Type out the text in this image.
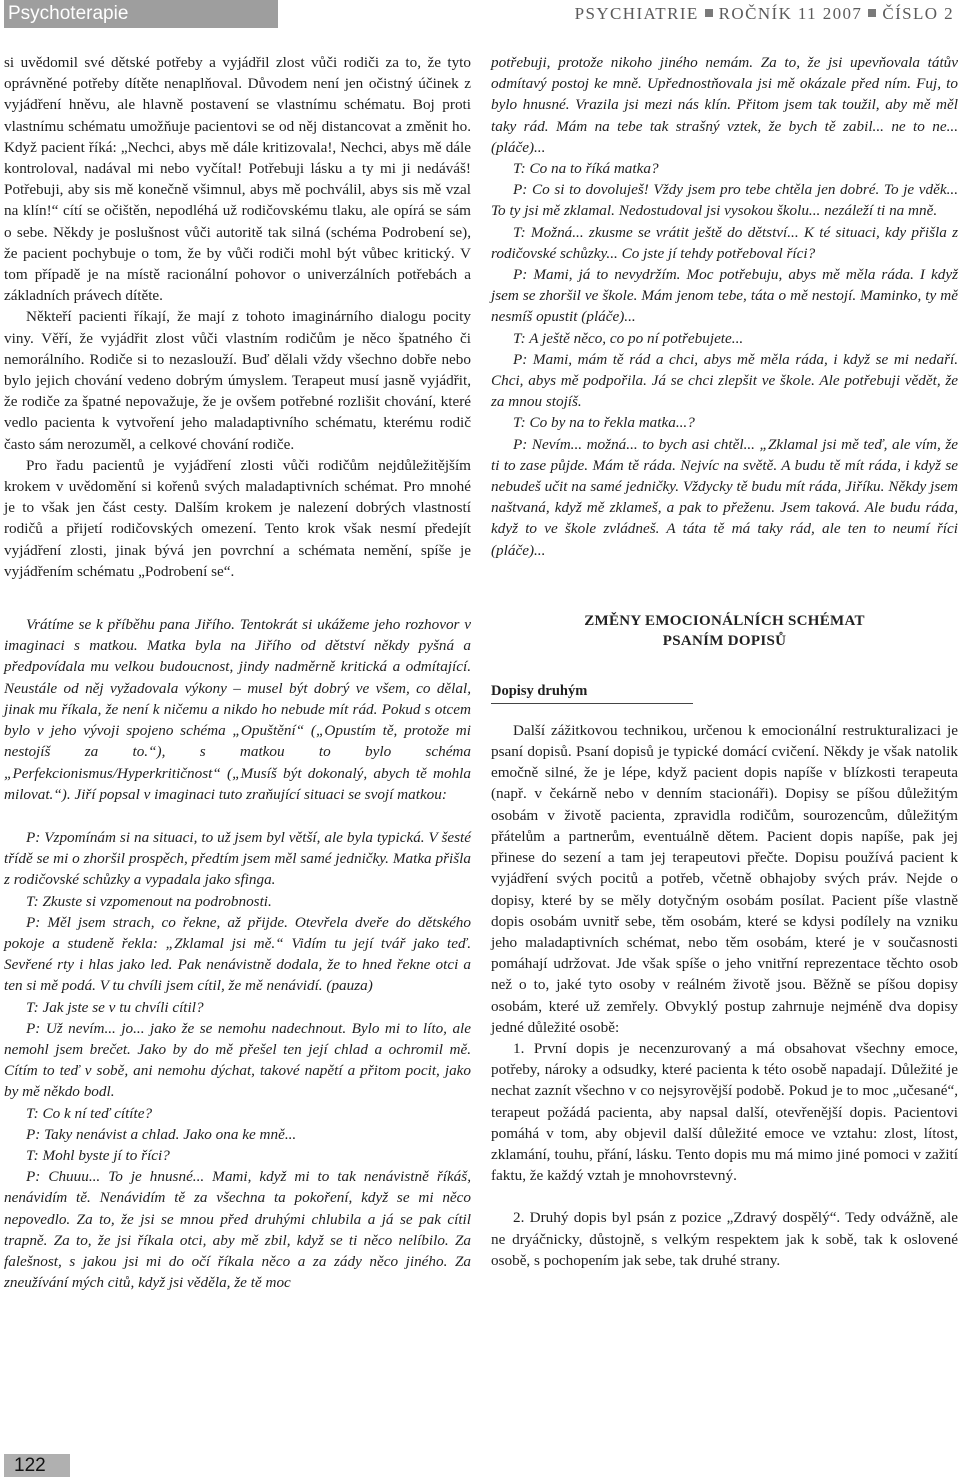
Psychoterapie	PSYCHIATRIE ROČNÍK 11 2007 ČÍSLO 2

si uvědomil své dětské potřeby a vyjádřil zlost vůči rodiči za to, že tyto oprávněné potřeby dítěte nenaplňoval. Důvodem není jen očistný účinek z vyjádření hněvu, ale hlavně postavení se vlastnímu schématu. Boj proti vlastnímu schématu umožňuje pacientovi se od něj distancovat a změnit ho. Když pacient říká: „Nechci, abys mě dále kritizovala!, Nechci, abys mě dále kontroloval, nadával mi nebo vyčítal! Potřebuji lásku a ty mi ji nedáváš! Potřebuji, aby sis mě konečně všimnul, abys mě pochválil, abys sis mě vzal na klín!“ cítí se očištěn, nepodléhá už rodičovskému tlaku, ale opírá se sám o sebe. Někdy je poslušnost vůči autoritě tak silná (schéma Podrobení se), že pacient pochybuje o tom, že by vůči rodiči mohl být vůbec kritický. V tom případě je na místě racionální pohovor o univerzálních potřebách a základních právech dítěte.

Někteří pacienti říkají, že mají z tohoto imaginárního dialogu pocity viny. Věří, že vyjádřit zlost vůči vlastním rodičům je něco špatného či nemorálního. Rodiče si to nezaslouží. Buď dělali vždy všechno dobře nebo bylo jejich chování vedeno dobrým úmyslem. Terapeut musí jasně vyjádřit, že rodiče za špatné nepovažuje, že je ovšem potřebné rozlišit chování, které vedlo pacienta k vytvoření jeho maladaptivního schématu, kterému rodič často sám nerozuměl, a celkové chování rodiče.

Pro řadu pacientů je vyjádření zlosti vůči rodičům nejdůležitějším krokem v uvědomění si kořenů svých maladaptivních schémat. Pro mnohé je to však jen část cesty. Dalším krokem je nalezení dobrých vlastností rodičů a přijetí rodičovských omezení. Tento krok však nesmí předejít vyjádření zlosti, jinak bývá jen povrchní a schémata nemění, spíše je vyjádřením schématu „Podrobení se“.

Vrátíme se k příběhu pana Jiřího. Tentokrát si ukážeme jeho rozhovor v imaginaci s matkou. Matka byla na Jiřího od dětství někdy pyšná a předpovídala mu velkou budoucnost, jindy nadměrně kritická a odmítající. Neustále od něj vyžadovala výkony – musel být dobrý ve všem, co dělal, jinak mu říkala, že není k ničemu a nikdo ho nebude mít rád. Pokud s otcem bylo v jeho vývoji spojeno schéma „Opuštění“ („Opustím tě, protože mi nestojíš za to.“), s matkou to bylo schéma „Perfekcionismus/Hyperkritičnost“ („Musíš být dokonalý, abych tě mohla milovat.“). Jiří popsal v imaginaci tuto zraňující situaci se svojí matkou:

P: Vzpomínám si na situaci, to už jsem byl větší, ale byla typická. V šesté třídě se mi o zhoršil prospěch, předtím jsem měl samé jedničky. Matka přišla z rodičovské schůzky a vypadala jako sfinga.

T: Zkuste si vzpomenout na podrobnosti.

P: Měl jsem strach, co řekne, až přijde. Otevřela dveře do dětského pokoje a studeně řekla: „Zklamal jsi mě.“ Vidím tu její tvář jako teď. Sevřené rty i hlas jako led. Pak nenávistně dodala, že to hned řekne otci a ten si mě podá. V tu chvíli jsem cítil, že mě nenávidí. (pauza)

T: Jak jste se v tu chvíli cítil?

P: Už nevím... jo... jako že se nemohu nadechnout. Bylo mi to líto, ale nemohl jsem brečet. Jako by do mě přešel ten její chlad a ochromil mě. Cítím to teď v sobě, ani nemohu dýchat, takové napětí a přitom pocit, jako by mě někdo bodl.

T: Co k ní teď cítíte?

P: Taky nenávist a chlad. Jako ona ke mně...

T: Mohl byste jí to říci?

P: Chuuu... To je hnusné... Mami, když mi to tak nenávistně říkáš, nenávidím tě. Nenávidím tě za všechna ta pokoření, když se mi něco nepovedlo. Za to, že jsi se mnou před druhými chlubila a já se pak cítil trapně. Za to, že jsi říkala otci, aby mě zbil, když se ti něco nelíbilo. Za falešnost, s jakou jsi mi do očí říkala něco a za zády něco jiného. Za zneužívání mých citů, když jsi věděla, že tě moc

potřebuji, protože nikoho jiného nemám. Za to, že jsi upevňovala tátův odmítavý postoj ke mně. Upřednostňovala jsi mě okázale před ním. Fuj, to bylo hnusné. Vrazila jsi mezi nás klín. Přitom jsem tak toužil, aby mě měl taky rád. Mám na tebe tak strašný vztek, že bych tě zabil... ne to ne... (pláče)...

T: Co na to říká matka?

P: Co si to dovoluješ! Vždy jsem pro tebe chtěla jen dobré. To je vděk... To ty jsi mě zklamal. Nedostudoval jsi vysokou školu... nezáleží ti na mně.

T: Možná... zkusme se vrátit ještě do dětství... K té situaci, kdy přišla z rodičovské schůzky... Co jste jí tehdy potřeboval říci?

P: Mami, já to nevydržím. Moc potřebuju, abys mě měla ráda. I když jsem se zhoršil ve škole. Mám jenom tebe, táta o mě nestojí. Maminko, ty mě nesmíš opustit (pláče)...

T: A ještě něco, co po ní potřebujete...

P: Mami, mám tě rád a chci, abys mě měla ráda, i když se mi nedaří. Chci, abys mě podpořila. Já se chci zlepšit ve škole. Ale potřebuji vědět, že za mnou stojíš.

T: Co by na to řekla matka...?

P: Nevím... možná... to bych asi chtěl... „Zklamal jsi mě teď, ale vím, že ti to zase půjde. Mám tě ráda. Nejvíc na světě. A budu tě mít ráda, i když se nebudeš učit na samé jedničky. Vždycky tě budu mít ráda, Jiříku. Někdy jsem naštvaná, když mě zklameš, a pak to přeženu. Jsem taková. Ale budu ráda, když to ve škole zvládneš. A táta tě má taky rád, ale ten to neumí říci (pláče)...

ZMĚNY EMOCIONÁLNÍCH SCHÉMAT
PSANÍM DOPISŮ

Dopisy druhým

Další zážitkovou technikou, určenou k emocionální restrukturalizaci je psaní dopisů. Psaní dopisů je typické domácí cvičení. Někdy je však natolik emočně silné, že je lépe, když pacient dopis napíše v blízkosti terapeuta (např. v čekárně nebo v denním stacionáři). Dopisy se píšou důležitým osobám v životě pacienta, zpravidla rodičům, sourozencům, důležitým přátelům a partnerům, eventuálně dětem. Pacient dopis napíše, pak jej přinese do sezení a tam jej terapeutovi přečte. Dopisu používá pacient k vyjádření svých pocitů a potřeb, včetně obhajoby svých práv. Nejde o dopisy, které by se měly dotyčným osobám posílat. Pacient píše vlastně dopis osobám uvnitř sebe, těm osobám, které se kdysi podílely na vzniku jeho maladaptivních schémat, nebo těm osobám, které je v současnosti pomáhají udržovat. Jde však spíše o jeho vnitřní reprezentace těchto osob než o to, jaké tyto osoby v reálném životě jsou. Běžně se píšou dopisy osobám, které už zemřely. Obvyklý postup zahrnuje nejméně dva dopisy jedné důležité osobě:

1. První dopis je necenzurovaný a má obsahovat všechny emoce, potřeby, nároky a odsudky, které pacienta k této osobě napadají. Důležité je nechat zaznít všechno v co nejsyrovější podobě. Pokud je to moc „učesané“, terapeut požádá pacienta, aby napsal další, otevřenější dopis. Pacientovi pomáhá v tom, aby objevil další důležité emoce ve vztahu: zlost, lítost, zklamání, touhu, přání, lásku. Tento dopis mu má mimo jiné pomoci v zažití faktu, že každý vztah je mnohovrstevný.

2. Druhý dopis byl psán z pozice „Zdravý dospělý“. Tedy odvážně, ale ne dryáčnicky, důstojně, s velkým respektem jak k sobě, tak k oslovené osobě, s pochopením jak sebe, tak druhé strany.

122
